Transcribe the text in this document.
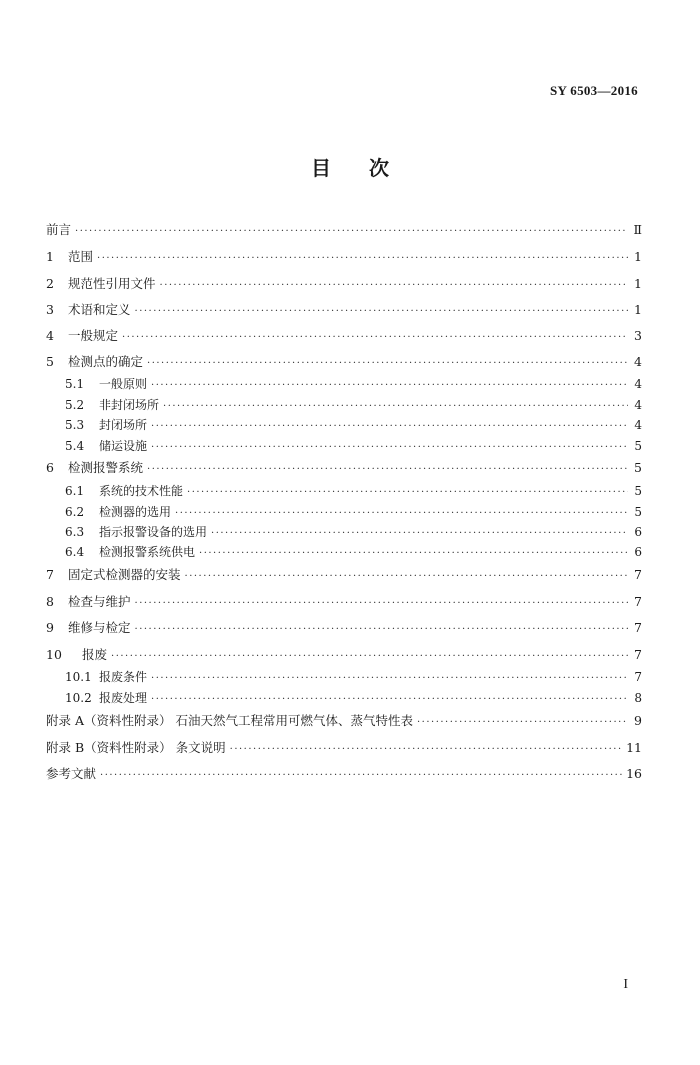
SY 6503—2016
目 次
前言 ·····	Ⅱ
1	范围 ·····	1
2	规范性引用文件 ·····	1
3	术语和定义 ·····	1
4	一般规定 ·····	3
5	检测点的确定 ·····	4
5.1	一般原则 ·····	4
5.2	非封闭场所 ·····	4
5.3	封闭场所 ·····	4
5.4	储运设施 ·····	5
6	检测报警系统 ·····	5
6.1	系统的技术性能 ·····	5
6.2	检测器的选用 ·····	5
6.3	指示报警设备的选用 ·····	6
6.4	检测报警系统供电 ·····	6
7	固定式检测器的安装 ·····	7
8	检查与维护 ·····	7
9	维修与检定 ·····	7
10	报废 ·····	7
10.1 报废条件 ·····	7
10.2 报废处理 ·····	8
附录 A（资料性附录） 石油天然气工程常用可燃气体、蒸气特性表 ·····	9
附录 B（资料性附录） 条文说明 ·····	11
参考文献 ·····	16
I
